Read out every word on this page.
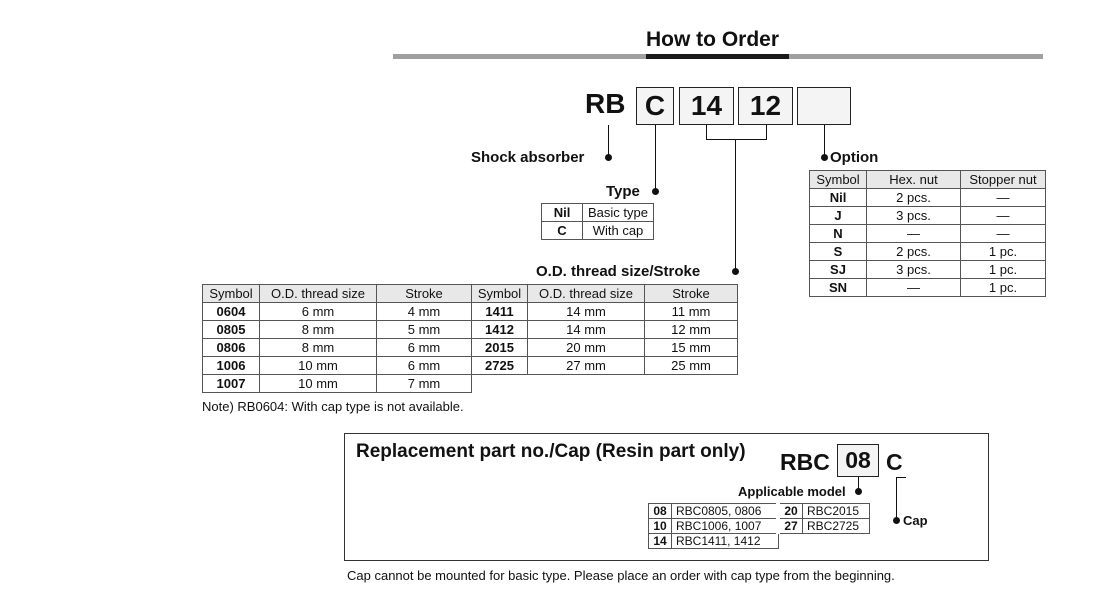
How to Order
RB C 14 12
Shock absorber
Type
Option
O.D. thread size/Stroke
Nil	Basic type
C	With cap
Symbol	Hex. nut	Stopper nut
Nil	2 pcs.	—
J	3 pcs.	—
N	—	—
S	2 pcs.	1 pc.
SJ	3 pcs.	1 pc.
SN	—	1 pc.
Symbol	O.D. thread size	Stroke	Symbol	O.D. thread size	Stroke
0604	6 mm	4 mm	1411	14 mm	11 mm
0805	8 mm	5 mm	1412	14 mm	12 mm
0806	8 mm	6 mm	2015	20 mm	15 mm
1006	10 mm	6 mm	2725	27 mm	25 mm
1007	10 mm	7 mm			
Note) RB0604: With cap type is not available.
Replacement part no./Cap (Resin part only) RBC 08 C
Applicable model
Cap
08	RBC0805, 0806	20	RBC2015
10	RBC1006, 1007	27	RBC2725
14	RBC1411, 1412		
Cap cannot be mounted for basic type. Please place an order with cap type from the beginning.
